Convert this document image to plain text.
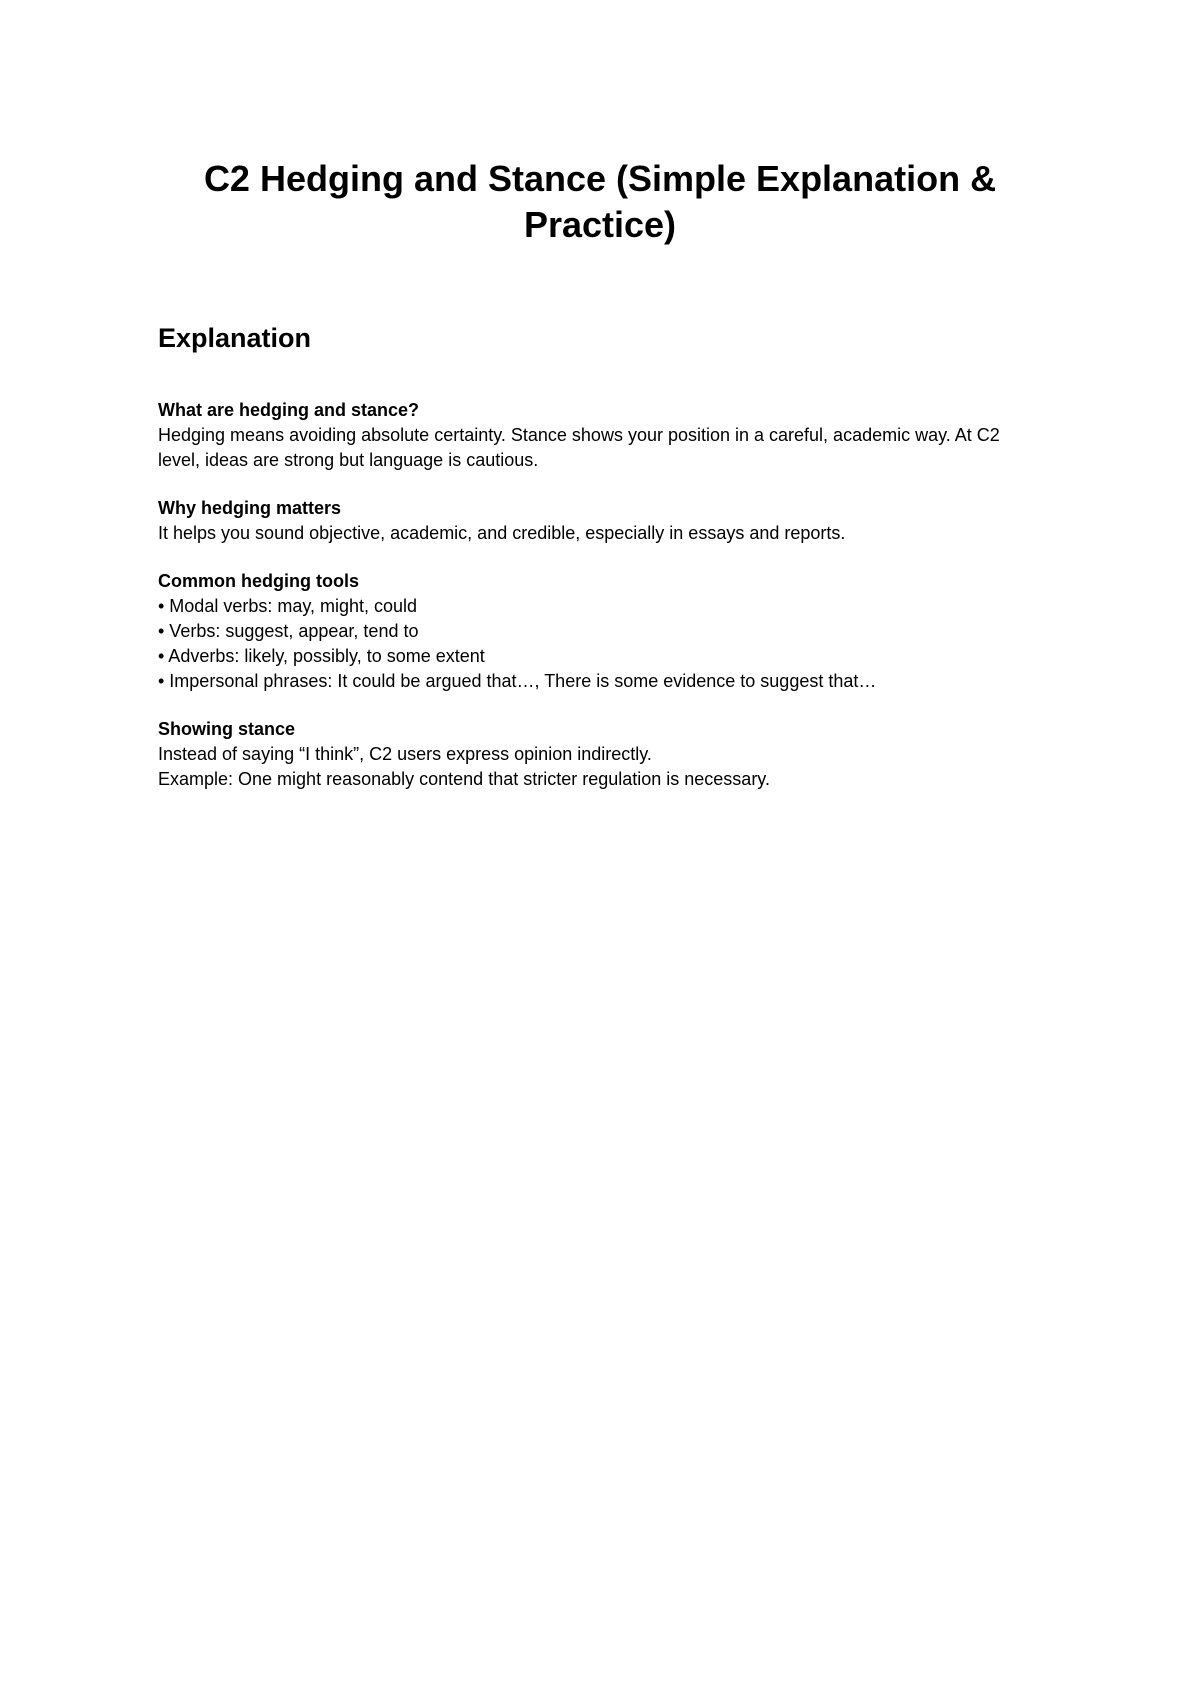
C2 Hedging and Stance (Simple Explanation & Practice)
Explanation

What are hedging and stance?

Hedging means avoiding absolute certainty. Stance shows your position in a careful, academic way. At C2 level, ideas are strong but language is cautious.

Why hedging matters

It helps you sound objective, academic, and credible, especially in essays and reports.

Common hedging tools

• Modal verbs: may, might, could

• Verbs: suggest, appear, tend to

• Adverbs: likely, possibly, to some extent

• Impersonal phrases: It could be argued that…, There is some evidence to suggest that…

Showing stance

Instead of saying “I think”, C2 users express opinion indirectly.

Example: One might reasonably contend that stricter regulation is necessary.
